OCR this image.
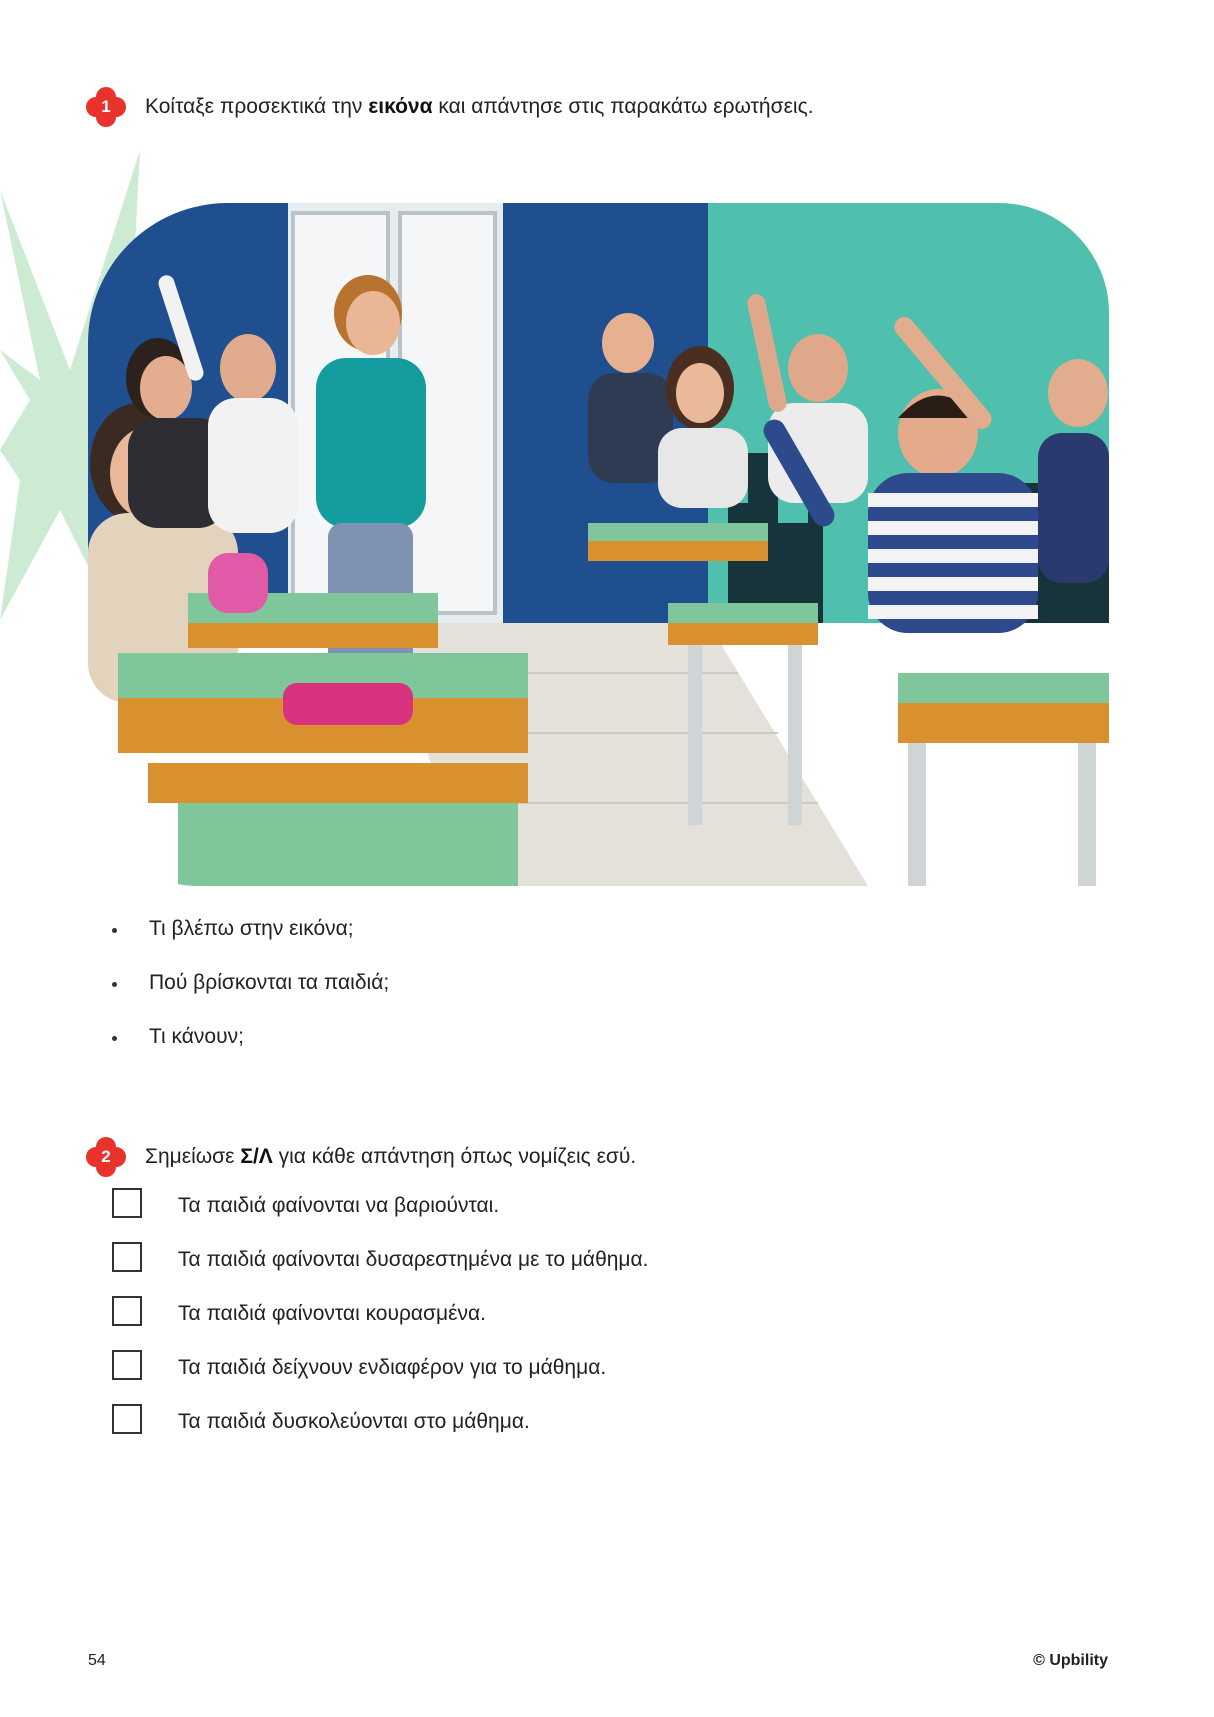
1	Κοίταξε προσεκτικά την εικόνα και απάντησε στις παρακάτω ερωτήσεις.
Τι βλέπω στην εικόνα;
Πού βρίσκονται τα παιδιά;
Τι κάνουν;
2	Σημείωσε Σ/Λ για κάθε απάντηση όπως νομίζεις εσύ.
Τα παιδιά φαίνονται να βαριούνται.
Τα παιδιά φαίνονται δυσαρεστημένα με το μάθημα.
Τα παιδιά φαίνονται κουρασμένα.
Τα παιδιά δείχνουν ενδιαφέρον για το μάθημα.
Τα παιδιά δυσκολεύονται στο μάθημα.
54	© Upbility
